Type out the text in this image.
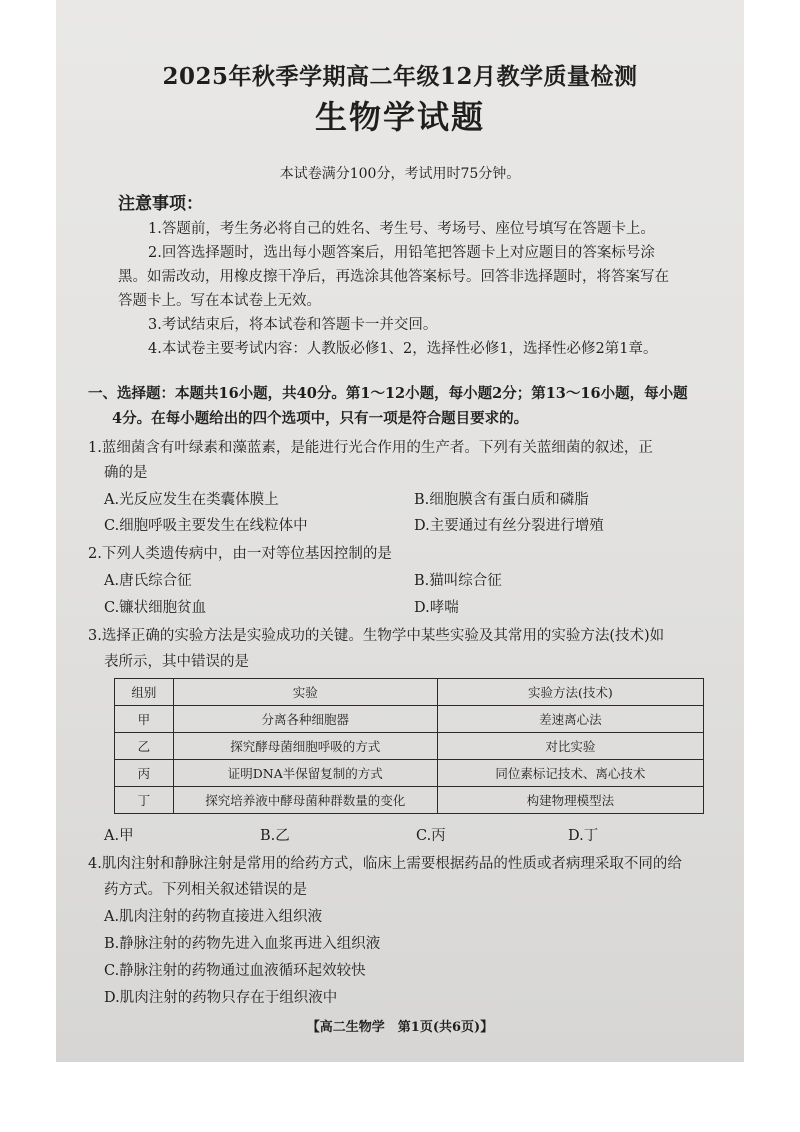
2025年秋季学期高二年级12月教学质量检测
生物学试题
本试卷满分100分，考试用时75分钟。
注意事项：
1.答题前，考生务必将自己的姓名、考生号、考场号、座位号填写在答题卡上。
2.回答选择题时，选出每小题答案后，用铅笔把答题卡上对应题目的答案标号涂
黑。如需改动，用橡皮擦干净后，再选涂其他答案标号。回答非选择题时，将答案写在
答题卡上。写在本试卷上无效。
3.考试结束后，将本试卷和答题卡一并交回。
4.本试卷主要考试内容：人教版必修1、2，选择性必修1，选择性必修2第1章。
一、选择题：本题共16小题，共40分。第1～12小题，每小题2分；第13～16小题，每小题
4分。在每小题给出的四个选项中，只有一项是符合题目要求的。
1.蓝细菌含有叶绿素和藻蓝素，是能进行光合作用的生产者。下列有关蓝细菌的叙述，正
确的是
A.光反应发生在类囊体膜上	B.细胞膜含有蛋白质和磷脂
C.细胞呼吸主要发生在线粒体中	D.主要通过有丝分裂进行增殖
2.下列人类遗传病中，由一对等位基因控制的是
A.唐氏综合征	B.猫叫综合征
C.镰状细胞贫血	D.哮喘
3.选择正确的实验方法是实验成功的关键。生物学中某些实验及其常用的实验方法(技术)如
表所示，其中错误的是
组别	实验	实验方法(技术)
甲	分离各种细胞器	差速离心法
乙	探究酵母菌细胞呼吸的方式	对比实验
丙	证明DNA半保留复制的方式	同位素标记技术、离心技术
丁	探究培养液中酵母菌种群数量的变化	构建物理模型法
A.甲	B.乙	C.丙	D.丁
4.肌肉注射和静脉注射是常用的给药方式，临床上需要根据药品的性质或者病理采取不同的给
药方式。下列相关叙述错误的是
A.肌肉注射的药物直接进入组织液
B.静脉注射的药物先进入血浆再进入组织液
C.静脉注射的药物通过血液循环起效较快
D.肌肉注射的药物只存在于组织液中
【高二生物学　第1页(共6页)】
